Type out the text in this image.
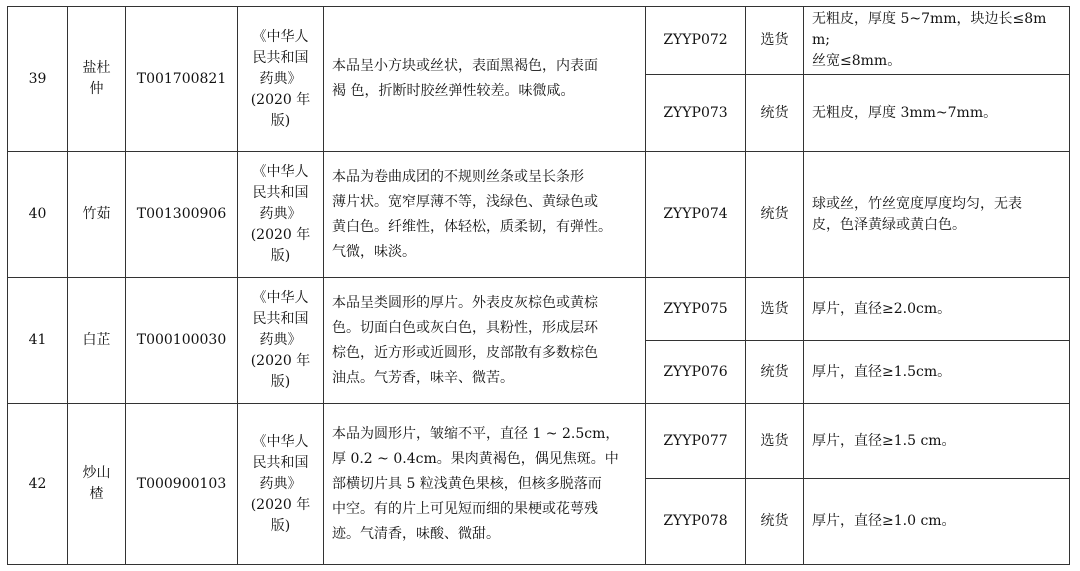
39	盐杜
仲	T001700821	《中华人
民共和国
药典》
(2020 年
版)	本品呈小方块或丝状，表面黑褐色，内表面
褐 色，折断时胶丝弹性较差。味微咸。	ZYYP072	选货	无粗皮，厚度 5~7mm，块边长≤8mm;
丝宽≤8mm。

					ZYYP073	统货	无粗皮，厚度 3mm~7mm。

40	竹茹	T001300906	《中华人
民共和国
药典》
(2020 年
版)	本品为卷曲成团的不规则丝条或呈长条形
薄片状。宽窄厚薄不等，浅绿色、黄绿色或
黄白色。纤维性，体轻松，质柔韧，有弹性。
气微，味淡。	ZYYP074	统货	球或丝，竹丝宽度厚度均匀，无表
皮，色泽黄绿或黄白色。

41	白芷	T000100030	《中华人
民共和国
药典》
(2020 年
版)	本品呈类圆形的厚片。外表皮灰棕色或黄棕
色。切面白色或灰白色，具粉性，形成层环
棕色，近方形或近圆形，皮部散有多数棕色
油点。气芳香，味辛、微苦。	ZYYP075	选货	厚片，直径≥2.0cm。

					ZYYP076	统货	厚片，直径≥1.5cm。

42	炒山楂	T000900103	《中华人
民共和国
药典》
(2020 年
版)	本品为圆形片，皱缩不平，直径 1 ~ 2.5cm，
厚 0.2 ~ 0.4cm。果肉黄褐色，偶见焦斑。中
部横切片具 5 粒浅黄色果核，但核多脱落而
中空。有的片上可见短而细的果梗或花萼残
迹。气清香，味酸、微甜。	ZYYP077	选货	厚片，直径≥1.5 cm。

					ZYYP078	统货	厚片，直径≥1.0 cm。
